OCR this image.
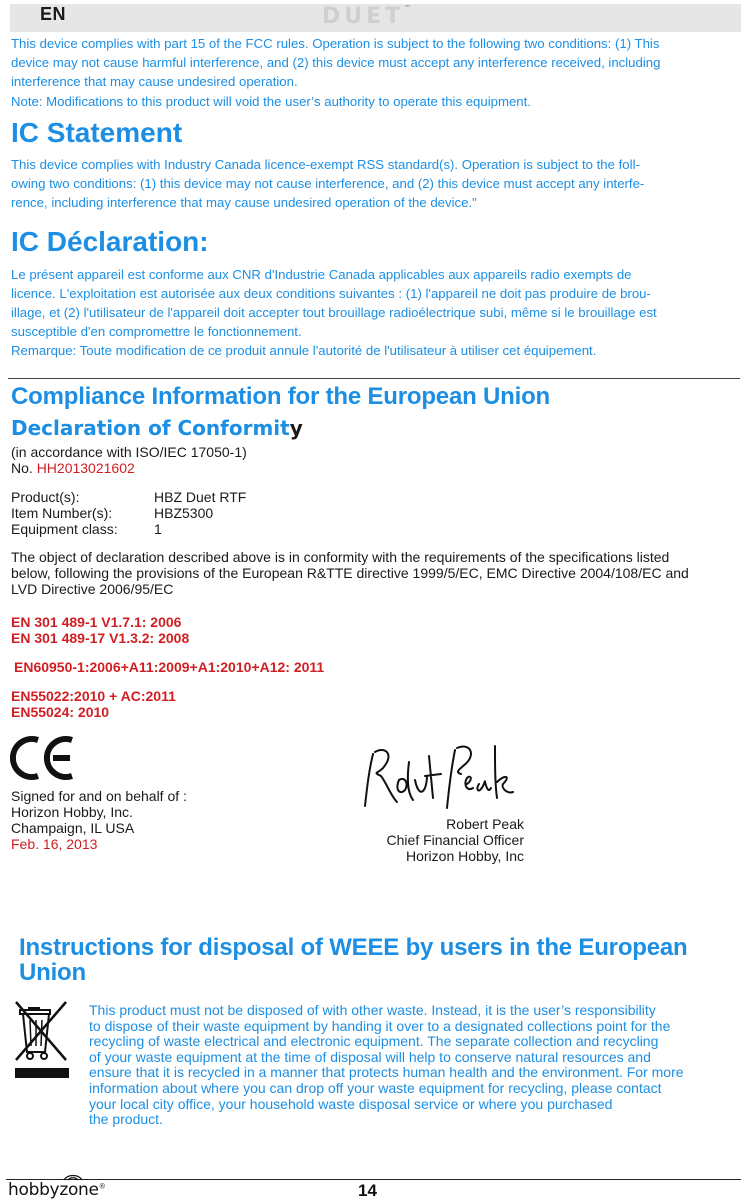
EN	DUET™
This device complies with part 15 of the FCC rules. Operation is subject to the following two conditions: (1) This
device may not cause harmful interference, and (2) this device must accept any interference received, including
interference that may cause undesired operation.
Note: Modifications to this product will void the user’s authority to operate this equipment.
IC Statement
This device complies with Industry Canada licence-exempt RSS standard(s). Operation is subject to the foll-
owing two conditions: (1) this device may not cause interference, and (2) this device must accept any interfe-
rence, including interference that may cause undesired operation of the device."
IC Déclaration:
Le présent appareil est conforme aux CNR d'Industrie Canada applicables aux appareils radio exempts de
licence. L'exploitation est autorisée aux deux conditions suivantes : (1) l'appareil ne doit pas produire de brou-
illage, et (2) l'utilisateur de l'appareil doit accepter tout brouillage radioélectrique subi, même si le brouillage est
susceptible d'en compromettre le fonctionnement.
Remarque: Toute modification de ce produit annule l'autorité de l'utilisateur à utiliser cet équipement.
Compliance Information for the European Union
Declaration of Conformity
(in accordance with ISO/IEC 17050-1)
No. HH2013021602
Product(s):	HBZ Duet RTF
Item Number(s):	HBZ5300
Equipment class:	1
The object of declaration described above is in conformity with the requirements of the specifications listed
below, following the provisions of the European R&TTE directive 1999/5/EC, EMC Directive 2004/108/EC and
LVD Directive 2006/95/EC
EN 301 489-1 V1.7.1: 2006
EN 301 489-17 V1.3.2: 2008
EN60950-1:2006+A11:2009+A1:2010+A12: 2011
EN55022:2010 + AC:2011
EN55024: 2010
Signed for and on behalf of :
Horizon Hobby, Inc.
Champaign, IL USA
Feb. 16, 2013
Robert Peak
Chief Financial Officer
Horizon Hobby, Inc
Instructions for disposal of WEEE by users in the European
Union
This product must not be disposed of with other waste. Instead, it is the user’s responsibility
to dispose of their waste equipment by handing it over to a designated collections point for the
recycling of waste electrical and electronic equipment. The separate collection and recycling
of your waste equipment at the time of disposal will help to conserve natural resources and
ensure that it is recycled in a manner that protects human health and the environment. For more
information about where you can drop off your waste equipment for recycling, please contact
your local city office, your household waste disposal service or where you purchased
the product.
hobbyzone®	14
